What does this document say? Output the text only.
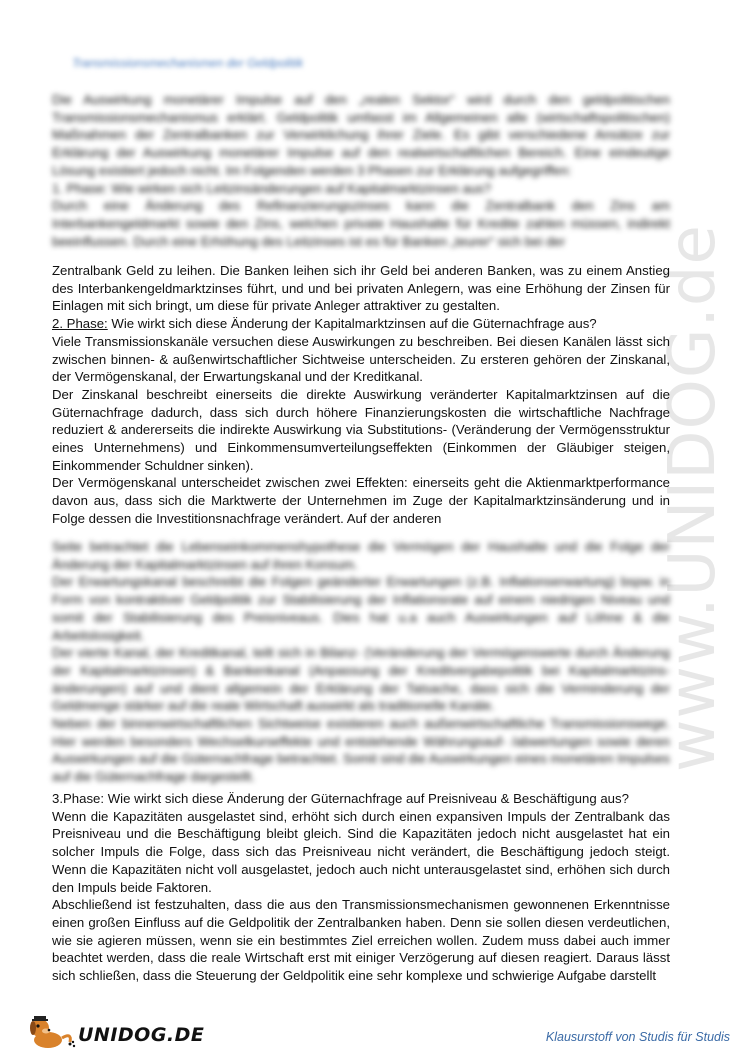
www.UNIDOG.de
Transmissionsmechanismen der Geldpolitik

Die Auswirkung monetärer Impulse auf den „realen Sektor“ wird durch den geldpolitischen Transmissionsmechanismus erklärt. Geldpolitik umfasst im Allgemeinen alle (wirtschaftspolitischen) Maßnahmen der Zentralbanken zur Verwirklichung ihrer Ziele. Es gibt verschiedene Ansätze zur Erklärung der Auswirkung monetärer Impulse auf den realwirtschaftlichen Bereich. Eine eindeutige Lösung existiert jedoch nicht. Im Folgenden werden 3 Phasen zur Erklärung aufgegriffen:

1. Phase: Wie wirken sich Leitzinsänderungen auf Kapitalmarktzinsen aus?

Durch eine Änderung des Refinanzierungszinses kann die Zentralbank den Zins am Interbankengeldmarkt sowie den Zins, welchen private Haushalte für Kredite zahlen müssen, indirekt beeinflussen. Durch eine Erhöhung des Leitzinses ist es für Banken „teurer“ sich bei der

Zentralbank Geld zu leihen. Die Banken leihen sich ihr Geld bei anderen Banken, was zu einem Anstieg des Interbankengeldmarktzinses führt, und und bei privaten Anlegern, was eine Erhöhung der Zinsen für Einlagen mit sich bringt, um diese für private Anleger attraktiver zu gestalten.

2. Phase: Wie wirkt sich diese Änderung der Kapitalmarktzinsen auf die Güternachfrage aus?

Viele Transmissionskanäle versuchen diese Auswirkungen zu beschreiben. Bei diesen Kanälen lässt sich zwischen binnen- & außenwirtschaftlicher Sichtweise unterscheiden. Zu ersteren gehören der Zinskanal, der Vermögenskanal, der Erwartungskanal und der Kreditkanal.

Der Zinskanal beschreibt einerseits die direkte Auswirkung veränderter Kapitalmarktzinsen auf die Güternachfrage dadurch, dass sich durch höhere Finanzierungskosten die wirtschaftliche Nachfrage reduziert & andererseits die indirekte Auswirkung via Substitutions- (Veränderung der Vermögensstruktur eines Unternehmens) und Einkommensumverteilungseffekten (Einkommen der Gläubiger steigen, Einkommender Schuldner sinken).

Der Vermögenskanal unterscheidet zwischen zwei Effekten: einerseits geht die Aktienmarktperformance davon aus, dass sich die Marktwerte der Unternehmen im Zuge der Kapitalmarktzinsänderung und in Folge dessen die Investitionsnachfrage verändert. Auf der anderen

Seite betrachtet die Lebenseinkommenshypothese die Vermögen der Haushalte und die Folge der Änderung der Kapitalmarktzinsen auf ihren Konsum.

Der Erwartungskanal beschreibt die Folgen geänderter Erwartungen (z.B. Inflationserwartung) bspw. in Form von kontraktiver Geldpolitik zur Stabilisierung der Inflationsrate auf einem niedrigen Niveau und somit der Stabilisierung des Preisniveaus. Dies hat u.a auch Auswirkungen auf Löhne & die Arbeitslosigkeit.

Der vierte Kanal, der Kreditkanal, teilt sich in Bilanz- (Veränderung der Vermögenswerte durch Änderung der Kapitalmarktzinsen) & Bankenkanal (Anpassung der Kreditvergabepolitik bei Kapitalmarktzins-änderungen) auf und dient allgemein der Erklärung der Tatsache, dass sich die Verminderung der Geldmenge stärker auf die reale Wirtschaft auswirkt als traditionelle Kanäle.

Neben der binnenwirtschaftlichen Sichtweise existieren auch außenwirtschaftliche Transmissionswege. Hier werden besonders Wechselkurseffekte und entstehende Währungsauf- /abwertungen sowie deren Auswirkungen auf die Güternachfrage betrachtet. Somit sind die Auswirkungen eines monetären Impulses auf die Güternachfrage dargestellt.

3.Phase: Wie wirkt sich diese Änderung der Güternachfrage auf Preisniveau & Beschäftigung aus?

Wenn die Kapazitäten ausgelastet sind, erhöht sich durch einen expansiven Impuls der Zentralbank das Preisniveau und die Beschäftigung bleibt gleich. Sind die Kapazitäten jedoch nicht ausgelastet hat ein solcher Impuls die Folge, dass sich das Preisniveau nicht verändert, die Beschäftigung jedoch steigt. Wenn die Kapazitäten nicht voll ausgelastet, jedoch auch nicht unterausgelastet sind, erhöhen sich durch den Impuls beide Faktoren.

Abschließend ist festzuhalten, dass die aus den Transmissionsmechanismen gewonnenen Erkenntnisse einen großen Einfluss auf die Geldpolitik der Zentralbanken haben. Denn sie sollen diesen verdeutlichen, wie sie agieren müssen, wenn sie ein bestimmtes Ziel erreichen wollen. Zudem muss dabei auch immer beachtet werden, dass die reale Wirtschaft erst mit einiger Verzögerung auf diesen reagiert. Daraus lässt sich schließen, dass die Steuerung der Geldpolitik eine sehr komplexe und schwierige Aufgabe darstellt

UNIDOG.DE	Klausurstoff von Studis für Studis
